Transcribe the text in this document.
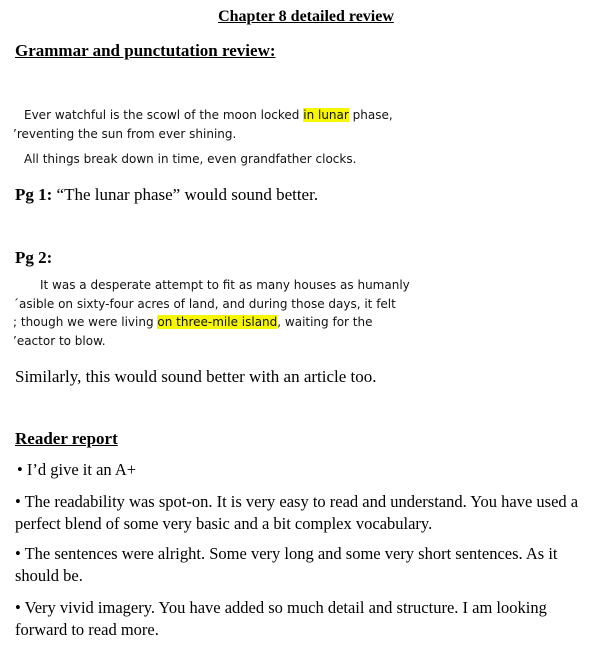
Chapter 8 detailed review
Grammar and punctutation review:
Ever watchful is the scowl of the moon locked in lunar phase,
’reventing the sun from ever shining.
All things break down in time, even grandfather clocks.
Pg 1: “The lunar phase” would sound better.
Pg 2:
It was a desperate attempt to fit as many houses as humanly
´asible on sixty-four acres of land, and during those days, it felt
; though we were living on three-mile island, waiting for the
’eactor to blow.
Similarly, this would sound better with an article too.
Reader report
• I’d give it an A+
• The readability was spot-on. It is very easy to read and understand. You have used a perfect blend of some very basic and a bit complex vocabulary.
• The sentences were alright. Some very long and some very short sentences. As it should be.
• Very vivid imagery. You have added so much detail and structure. I am looking forward to read more.
